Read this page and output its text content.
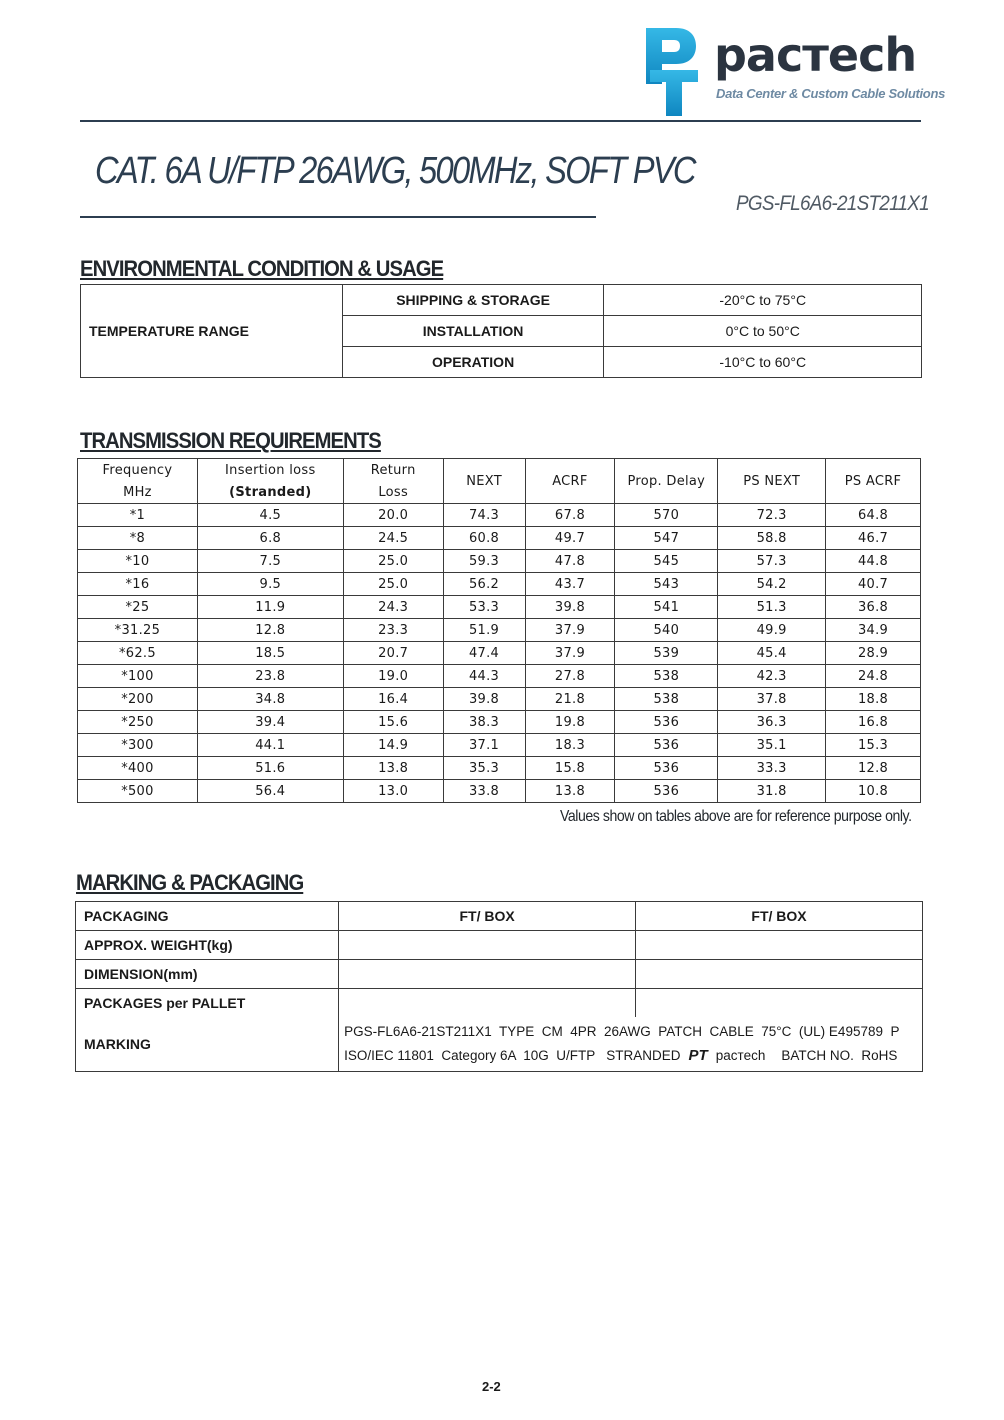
pacтech
Data Center & Custom Cable Solutions
CAT. 6A U/FTP 26AWG, 500MHz, SOFT PVC
PGS-FL6A6-21ST211X1
ENVIRONMENTAL CONDITION & USAGE
TEMPERATURE RANGE	SHIPPING & STORAGE	-20°C to 75°C
	INSTALLATION	0°C to 50°C
	OPERATION	-10°C to 60°C
TRANSMISSION REQUIREMENTS
Frequency	Insertion loss	Return	NEXT	ACRF	Prop. Delay	PS NEXT	PS ACRF
MHz	(Stranded)	Loss					
*1	4.5	20.0	74.3	67.8	570	72.3	64.8
*8	6.8	24.5	60.8	49.7	547	58.8	46.7
*10	7.5	25.0	59.3	47.8	545	57.3	44.8
*16	9.5	25.0	56.2	43.7	543	54.2	40.7
*25	11.9	24.3	53.3	39.8	541	51.3	36.8
*31.25	12.8	23.3	51.9	37.9	540	49.9	34.9
*62.5	18.5	20.7	47.4	37.9	539	45.4	28.9
*100	23.8	19.0	44.3	27.8	538	42.3	24.8
*200	34.8	16.4	39.8	21.8	538	37.8	18.8
*250	39.4	15.6	38.3	19.8	536	36.3	16.8
*300	44.1	14.9	37.1	18.3	536	35.1	15.3
*400	51.6	13.8	35.3	15.8	536	33.3	12.8
*500	56.4	13.0	33.8	13.8	536	31.8	10.8
Values show on tables above are for reference purpose only.
MARKING & PACKAGING
PACKAGING	FT/ BOX	FT/ BOX
APPROX. WEIGHT(kg)		
DIMENSION(mm)		
PACKAGES per PALLET		
MARKING	PGS-FL6A6-21ST211X1  TYPE  CM  4PR  26AWG  PATCH  CABLE  75°C  (UL) E495789  P
ISO/IEC 11801  Category 6A  10G  U/FTP   STRANDED PT pacтech BATCH NO.  RoHS	
2-2
